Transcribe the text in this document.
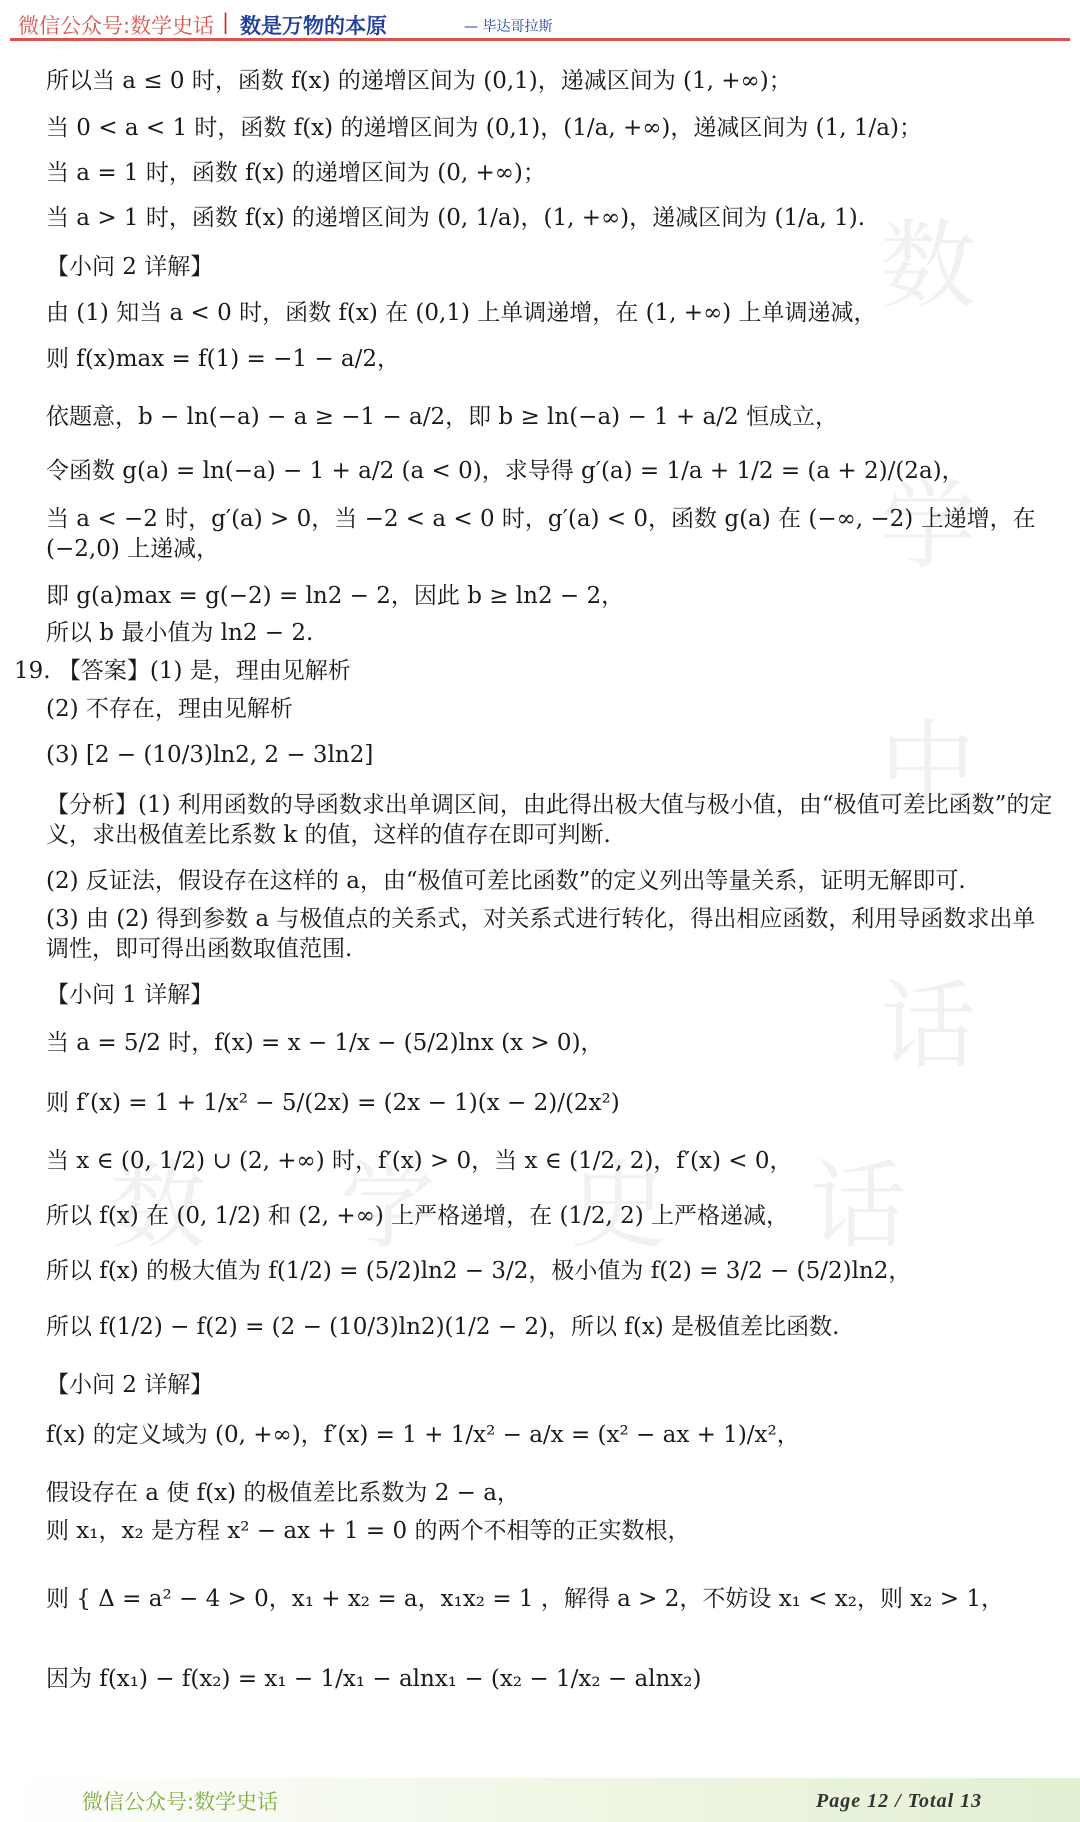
微信公众号:数学史话 | 数是万物的本原	— 毕达哥拉斯
数
学
中
话
数 学 史 话
所以当 a ≤ 0 时，函数 f(x) 的递增区间为 (0,1)，递减区间为 (1, +∞)；
当 0 < a < 1 时，函数 f(x) 的递增区间为 (0,1)，(1/a, +∞)，递减区间为 (1, 1/a)；
当 a = 1 时，函数 f(x) 的递增区间为 (0, +∞)；
当 a > 1 时，函数 f(x) 的递增区间为 (0, 1/a)，(1, +∞)，递减区间为 (1/a, 1).
【小问 2 详解】
由 (1) 知当 a < 0 时，函数 f(x) 在 (0,1) 上单调递增，在 (1, +∞) 上单调递减，
则 f(x)max = f(1) = −1 − a/2，
依题意，b − ln(−a) − a ≥ −1 − a/2，即 b ≥ ln(−a) − 1 + a/2 恒成立，
令函数 g(a) = ln(−a) − 1 + a/2 (a < 0)，求导得 g′(a) = 1/a + 1/2 = (a + 2)/(2a)，
当 a < −2 时，g′(a) > 0，当 −2 < a < 0 时，g′(a) < 0，函数 g(a) 在 (−∞, −2) 上递增，在 (−2,0) 上递减，
即 g(a)max = g(−2) = ln2 − 2，因此 b ≥ ln2 − 2，
所以 b 最小值为 ln2 − 2.
19. 【答案】(1) 是，理由见解析
(2) 不存在，理由见解析
(3) [2 − (10/3)ln2, 2 − 3ln2]
【分析】(1) 利用函数的导函数求出单调区间，由此得出极大值与极小值，由“极值可差比函数”的定义，求出极值差比系数 k 的值，这样的值存在即可判断.
(2) 反证法，假设存在这样的 a，由“极值可差比函数”的定义列出等量关系，证明无解即可.
(3) 由 (2) 得到参数 a 与极值点的关系式，对关系式进行转化，得出相应函数，利用导函数求出单调性，即可得出函数取值范围.
【小问 1 详解】
当 a = 5/2 时，f(x) = x − 1/x − (5/2)lnx (x > 0)，
则 f′(x) = 1 + 1/x² − 5/(2x) = (2x − 1)(x − 2)/(2x²)
当 x ∈ (0, 1/2) ∪ (2, +∞) 时，f′(x) > 0，当 x ∈ (1/2, 2)，f′(x) < 0，
所以 f(x) 在 (0, 1/2) 和 (2, +∞) 上严格递增，在 (1/2, 2) 上严格递减，
所以 f(x) 的极大值为 f(1/2) = (5/2)ln2 − 3/2，极小值为 f(2) = 3/2 − (5/2)ln2，
所以 f(1/2) − f(2) = (2 − (10/3)ln2)(1/2 − 2)，所以 f(x) 是极值差比函数.
【小问 2 详解】
f(x) 的定义域为 (0, +∞)，f′(x) = 1 + 1/x² − a/x = (x² − ax + 1)/x²，
假设存在 a 使 f(x) 的极值差比系数为 2 − a，
则 x₁，x₂ 是方程 x² − ax + 1 = 0 的两个不相等的正实数根，
则 { Δ = a² − 4 > 0，x₁ + x₂ = a，x₁x₂ = 1 ，解得 a > 2，不妨设 x₁ < x₂，则 x₂ > 1，
因为 f(x₁) − f(x₂) = x₁ − 1/x₁ − alnx₁ − (x₂ − 1/x₂ − alnx₂)
微信公众号:数学史话	Page 12 / Total 13
